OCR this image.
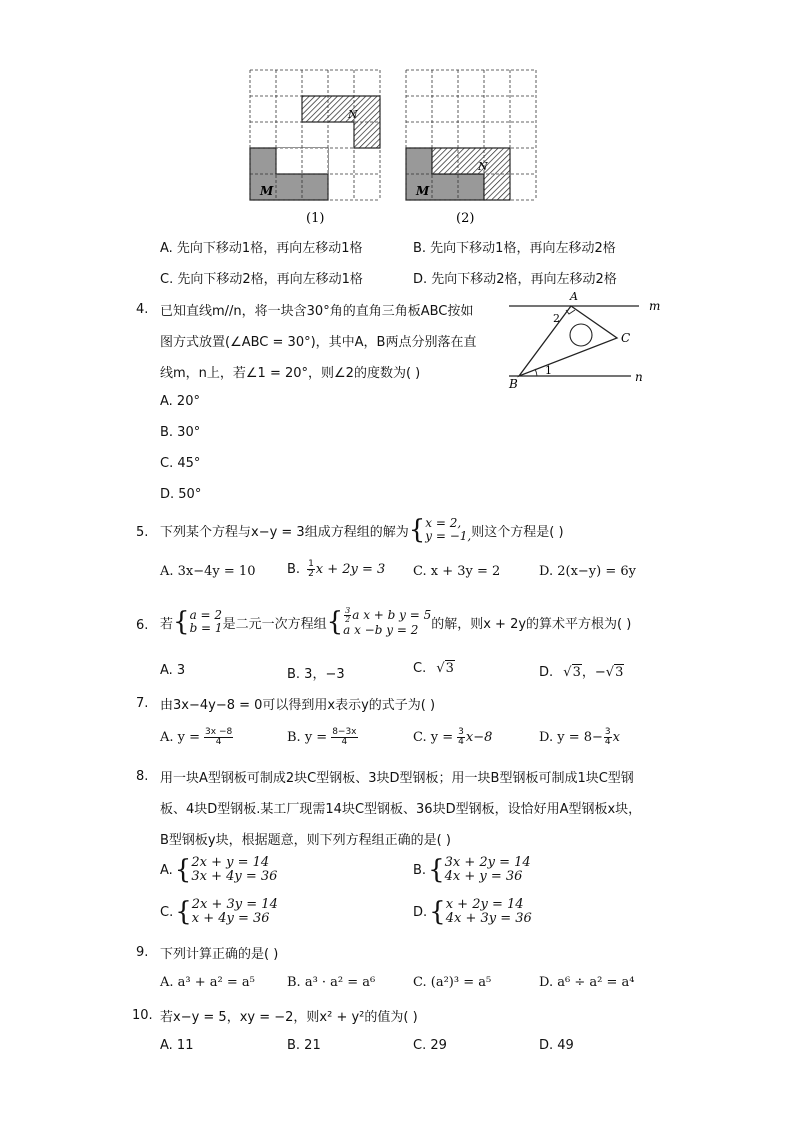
M
N
(1)
M
N
(2)
A. 先向下移动1格，再向左移动1格	B. 先向下移动1格，再向左移动2格
C. 先向下移动2格，再向左移动1格	D. 先向下移动2格，再向左移动2格
4. 已知直线m//n，将一块含30°角的直角三角板ABC按如
图方式放置(∠ABC = 30°)，其中A，B两点分别落在直
线m，n上，若∠1 = 20°，则∠2的度数为( )
A
m
C
n
B
1
2
A. 20°
B. 30°
C. 45°
D. 50°
5. 下列某个方程与x−y = 3组成方程组的解为 { x = 2,
y = −1, 则这个方程是( )
A. 3x−4y = 10 B. $\frac{1}{2}$ x + 2y = 3 C. x + 3y = 2	D. 2(x−y) = 6y
6. 若 { a = 2
b = 1 是二元一次方程组 { $\frac{3}{2}$ a x + b y = 5
a x −b y = 2 的解，则x + 2y的算术平方根为( )
A. 3	B. 3，−3	C. √3	D. √3，−√3
7. 由3x−4y−8 = 0可以得到用x表示y的式子为( )
A. $y = \frac{3x -8}{4}$	B. $y = \frac{8-3x}{4}$	C. $y = \frac{3}{4} x-8$	D. $y = 8- \frac{3}{4}$ x
8. 用一块A型钢板可制成2块C型钢板、3块D型钢板；用一块B型钢板可制成1块C型钢
板、4块D型钢板.某工厂现需14块C型钢板、36块D型钢板，设恰好用A型钢板x块，
B型钢板y块，根据题意，则下列方程组正确的是( )
A. { 2x + y = 14
3x + 4y = 36	B. { 3x + 2y = 14
4x + y = 36
C. { 2x + 3y = 14
x + 4y = 36	D. { x + 2y = 14
4x + 3y = 36
9. 下列计算正确的是( )
A. a³ + a² = a⁵ B. a³ · a² = a⁶	C. (a²)³ = a⁵	D. a⁶ ÷ a² = a⁴
10. 若x−y = 5，xy = −2，则x² + y²的值为( )
A. 11	B. 21	C. 29	D. 49
